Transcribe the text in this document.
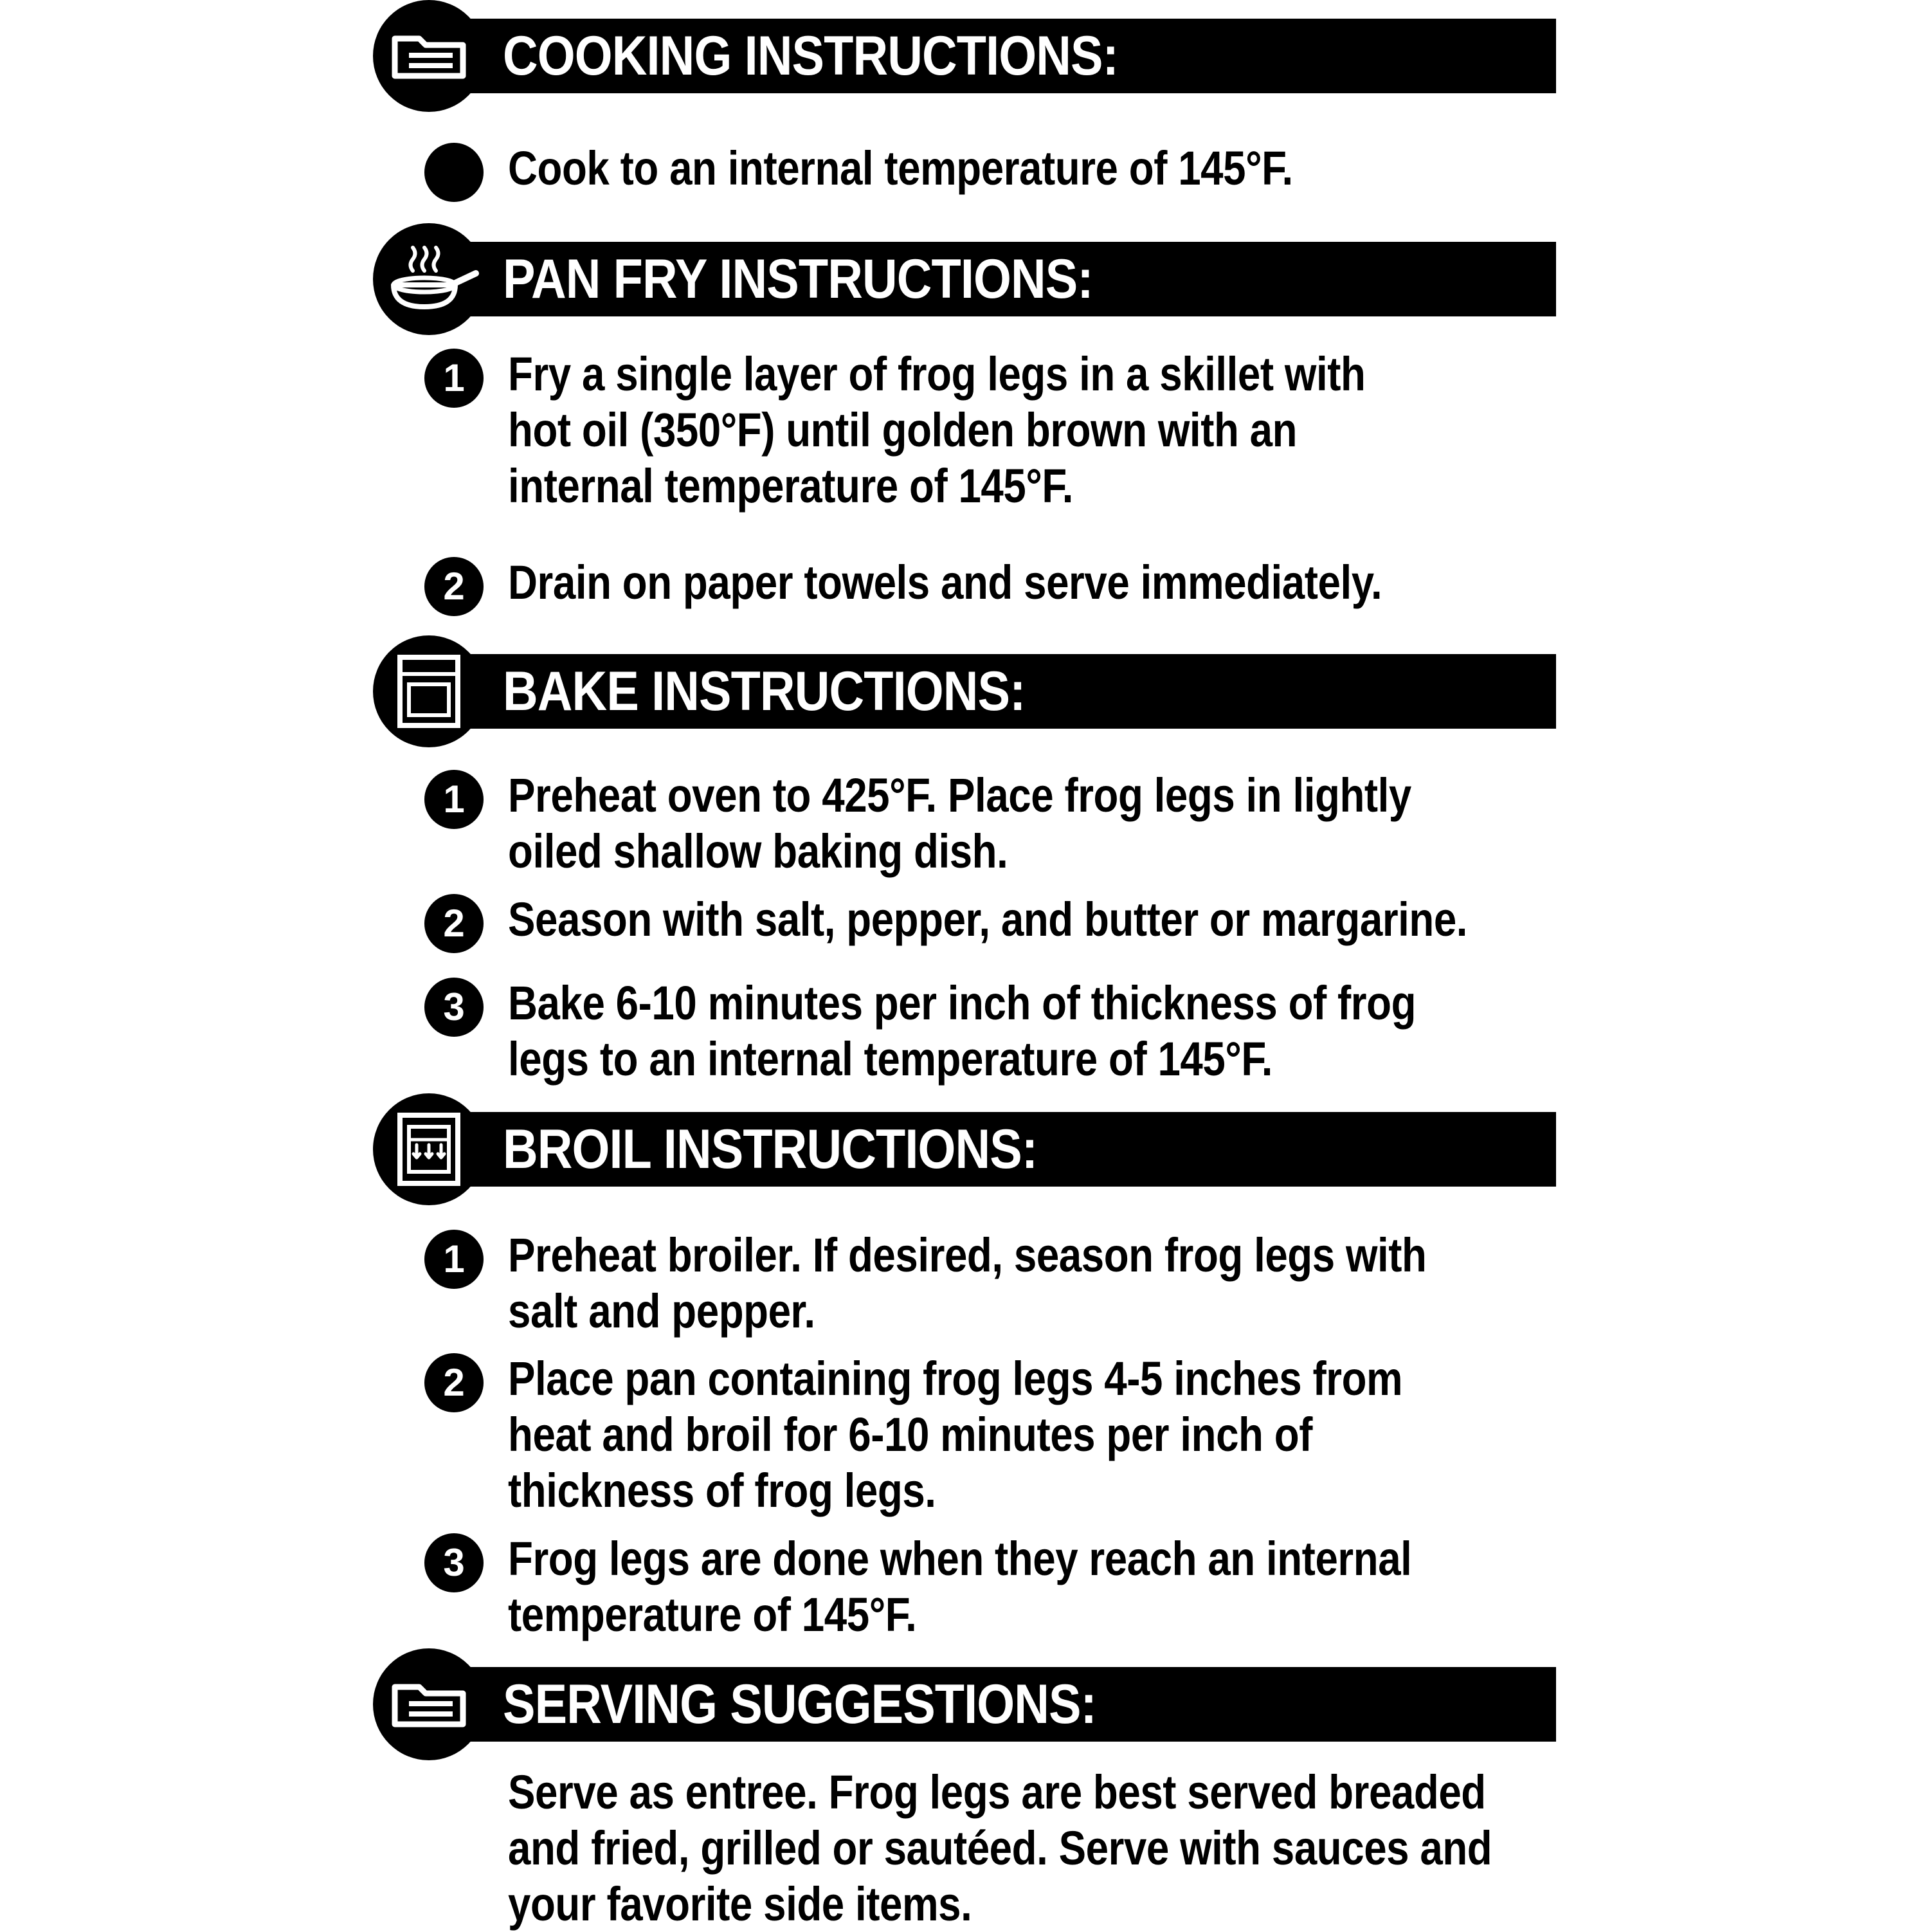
COOKING INSTRUCTIONS:
Cook to an internal temperature of 145°F.
PAN FRY INSTRUCTIONS:
1 Fry a single layer of frog legs in a skillet with
hot oil (350°F) until golden brown with an
internal temperature of 145°F.
2 Drain on paper towels and serve immediately.
BAKE INSTRUCTIONS:
1 Preheat oven to 425°F. Place frog legs in lightly
oiled shallow baking dish.
2 Season with salt, pepper, and butter or margarine.
3 Bake 6-10 minutes per inch of thickness of frog
legs to an internal temperature of 145°F.
BROIL INSTRUCTIONS:
1 Preheat broiler. If desired, season frog legs with
salt and pepper.
2 Place pan containing frog legs 4-5 inches from
heat and broil for 6-10 minutes per inch of
thickness of frog legs.
3 Frog legs are done when they reach an internal
temperature of 145°F.
SERVING SUGGESTIONS:
Serve as entree. Frog legs are best served breaded
and fried, grilled or sautéed. Serve with sauces and
your favorite side items.
